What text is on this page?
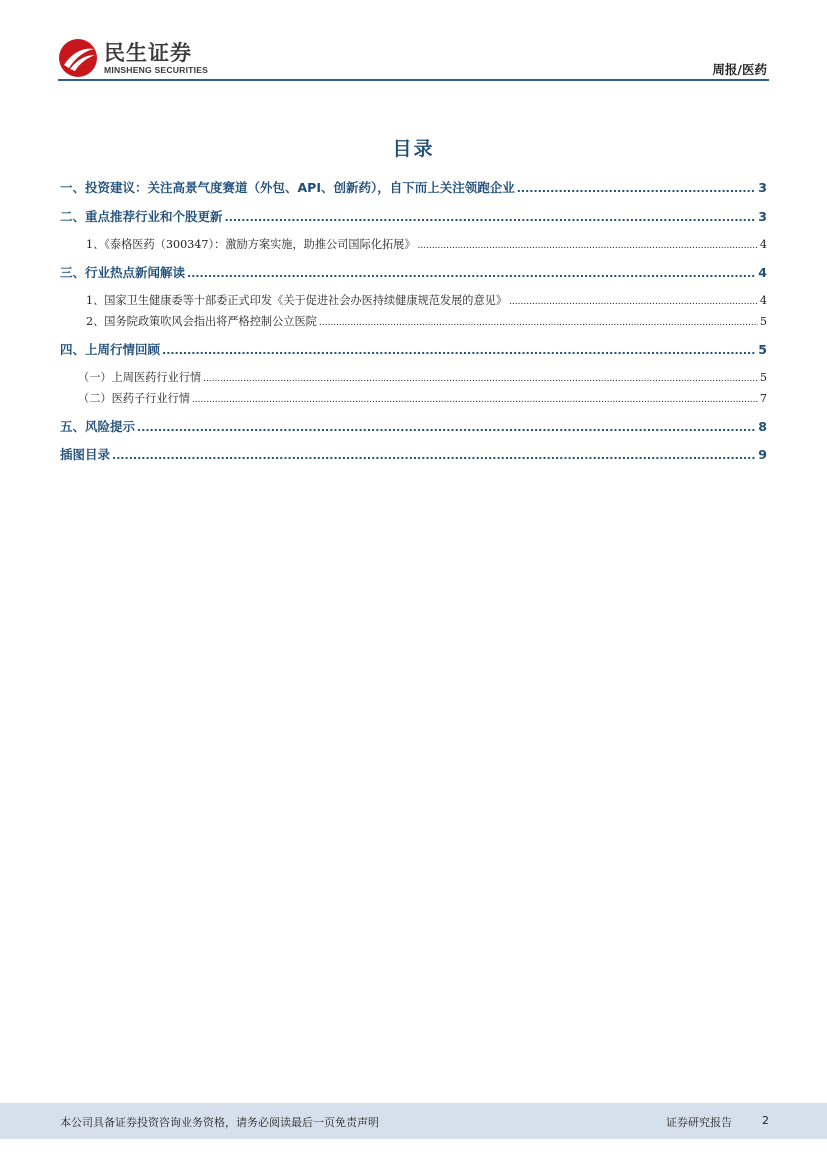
民生证券
MINSHENG SECURITIES	周报/医药
目录
一、投资建议：关注高景气度赛道（外包、API、创新药），自下而上关注领跑企业 .....	3
二、重点推荐行业和个股更新 .....	3
1、《泰格医药（300347）：激励方案实施，助推公司国际化拓展》 .....	4
三、行业热点新闻解读 .....	4
1、国家卫生健康委等十部委正式印发《关于促进社会办医持续健康规范发展的意见》 .....	4
2、国务院政策吹风会指出将严格控制公立医院 .....	5
四、上周行情回顾 .....	5
（一）上周医药行业行情 .....	5
（二）医药子行业行情 .....	7
五、风险提示 .....	8
插图目录 .....	9
本公司具备证券投资咨询业务资格，请务必阅读最后一页免责声明	证券研究报告	2
